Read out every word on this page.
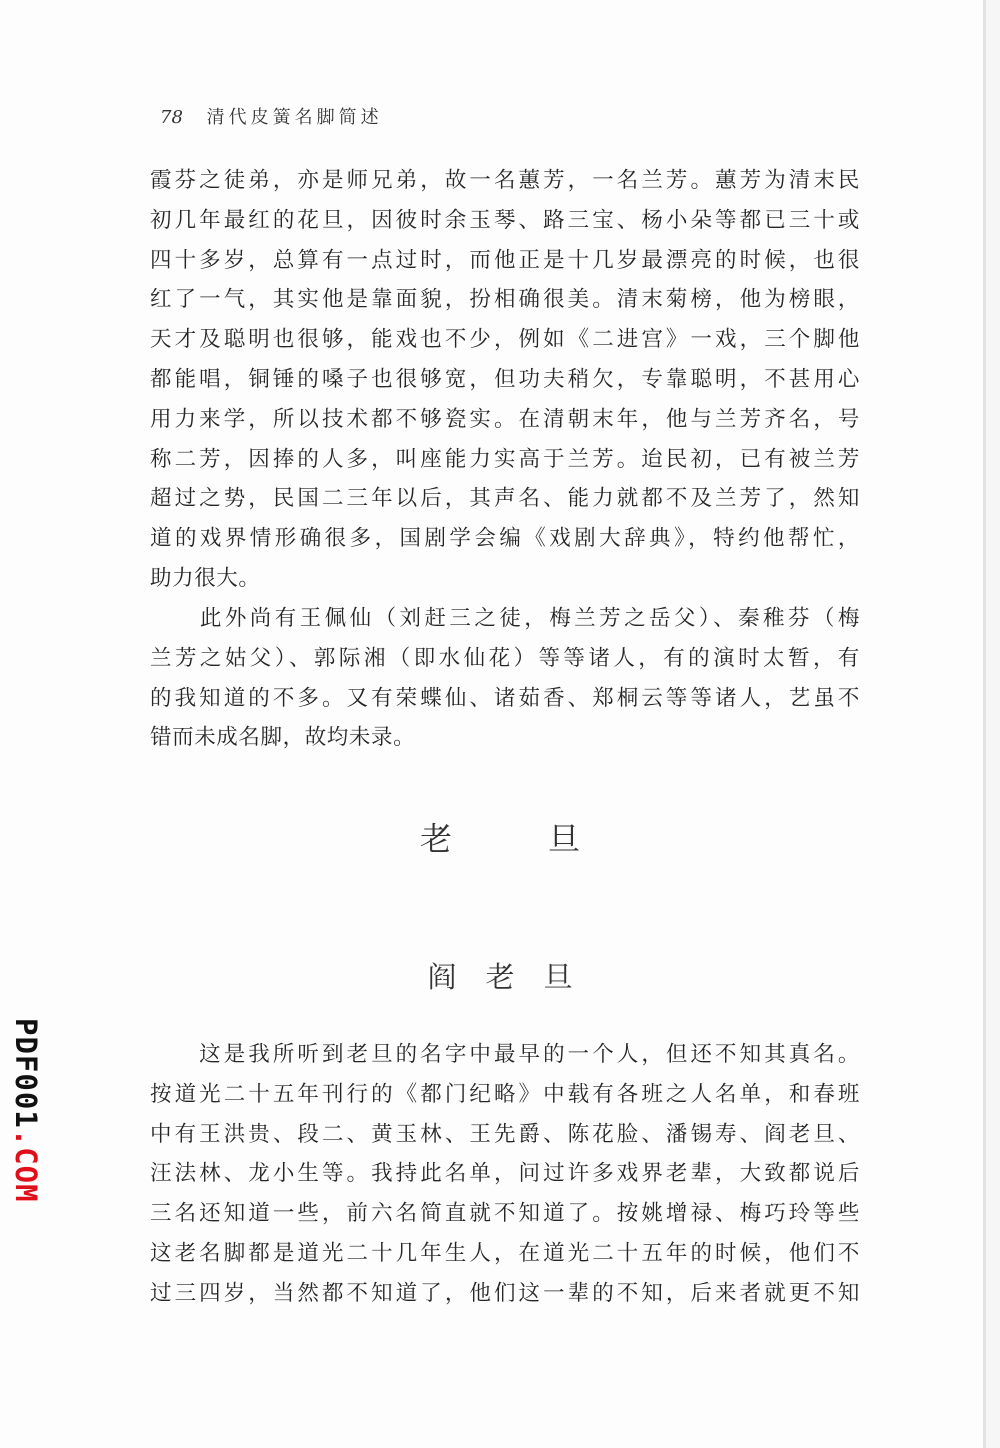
78 清代皮簧名脚简述
霞芬之徒弟，亦是师兄弟，故一名蕙芳，一名兰芳。蕙芳为清末民
初几年最红的花旦，因彼时余玉琴、路三宝、杨小朵等都已三十或
四十多岁，总算有一点过时，而他正是十几岁最漂亮的时候，也很
红了一气，其实他是靠面貌，扮相确很美。清末菊榜，他为榜眼，
天才及聪明也很够，能戏也不少，例如《二进宫》一戏，三个脚他
都能唱，铜锤的嗓子也很够宽，但功夫稍欠，专靠聪明，不甚用心
用力来学，所以技术都不够瓷实。在清朝末年，他与兰芳齐名，号
称二芳，因捧的人多，叫座能力实高于兰芳。迨民初，已有被兰芳
超过之势，民国二三年以后，其声名、能力就都不及兰芳了，然知
道的戏界情形确很多，国剧学会编《戏剧大辞典》，特约他帮忙，
助力很大。
　　此外尚有王佩仙（刘赶三之徒，梅兰芳之岳父）、秦稚芬（梅
兰芳之姑父）、郭际湘（即水仙花）等等诸人，有的演时太暂，有
的我知道的不多。又有荣蝶仙、诸茹香、郑桐云等等诸人，艺虽不
错而未成名脚，故均未录。
老　　　旦
阎　老　旦
　　这是我所听到老旦的名字中最早的一个人，但还不知其真名。
按道光二十五年刊行的《都门纪略》中载有各班之人名单，和春班
中有王洪贵、段二、黄玉林、王先爵、陈花脸、潘锡寿、阎老旦、
汪法林、龙小生等。我持此名单，问过许多戏界老辈，大致都说后
三名还知道一些，前六名简直就不知道了。按姚增禄、梅巧玲等些
这老名脚都是道光二十几年生人，在道光二十五年的时候，他们不
过三四岁，当然都不知道了，他们这一辈的不知，后来者就更不知
PDF001.COM
